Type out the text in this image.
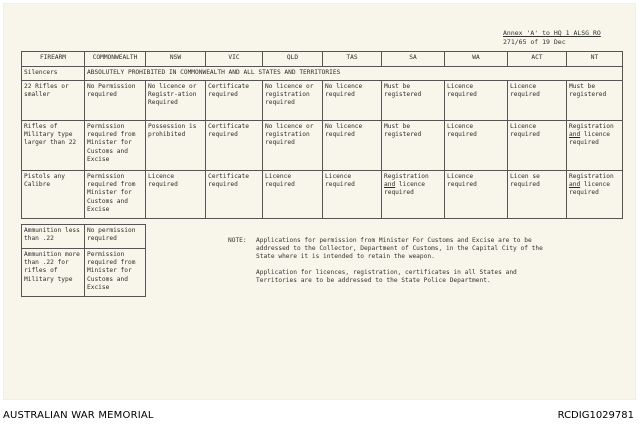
Annex 'A' to HQ 1 ALSG RO
271/65 of 19 Dec
FIREARM	COMMONWEALTH	NSW	VIC	QLD	TAS	SA	WA	ACT	NT
Silencers	ABSOLUTELY PROHIBITED IN COMMONWEALTH AND ALL STATES AND TERRITORIES								
22 Rifles or smaller	No Permission required	No licence or Registr-ation Required	Certificate required	No licence or registration required	No licence required	Must be registered	Licence required	Licence required	Must be registered
Rifles of Military type larger than 22	Permission required from Minister for Customs and Excise	Possession is prohibited	Certificate required	No licence or registration required	No licence required	Must be registered	Licence required	Licence required	Registration and licence required
Pistols any Calibre	Permission required from Minister for Customs and Excise	Licence required	Certificate required	Licence required	Licence required	Registration and licence required	Licence required	Licen se required	Registration and licence required
Ammunition less than .22	No permission required
Ammunition more than .22 for rifles of Military type	Permission required from Minister for Customs and Excise
NOTE: Applications for permission from Minister For Customs and Excise are to be addressed to the Collector, Department of Customs, in the Capital City of the State where it is intended to retain the weapon.

Application for licences, registration, certificates in all States and Territories are to be addressed to the State Police Department.

AUSTRALIAN WAR MEMORIAL	RCDIG1029781
